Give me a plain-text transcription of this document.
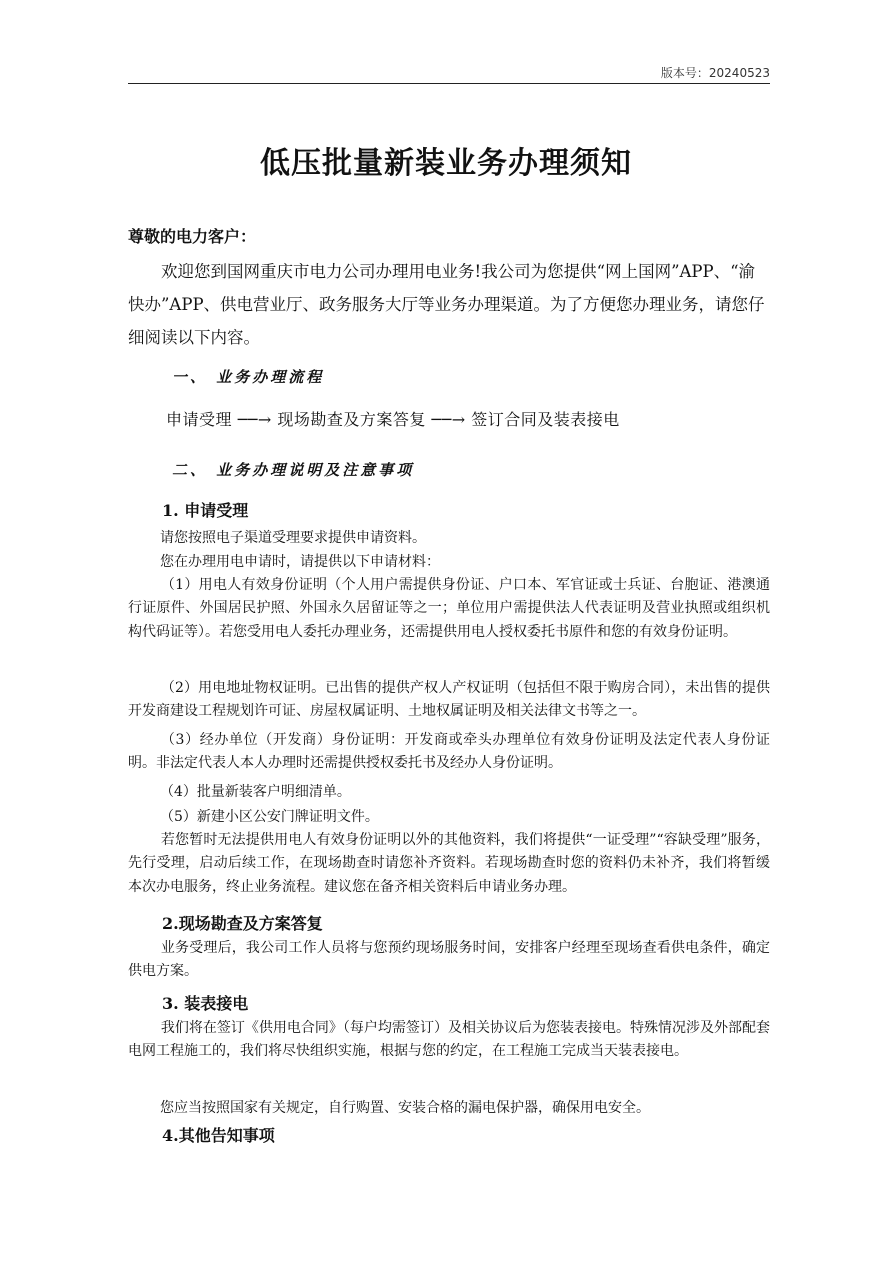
版本号：20240523
低压批量新装业务办理须知
尊敬的电力客户：

欢迎您到国网重庆市电力公司办理用电业务!我公司为您提供“网上国网”APP、“渝快办”APP、供电营业厅、政务服务大厅等业务办理渠道。为了方便您办理业务，请您仔细阅读以下内容。

一、 业务办理流程
申请受理 ──→ 现场勘查及方案答复 ──→ 签订合同及装表接电
二、 业务办理说明及注意事项
1. 申请受理

请您按照电子渠道受理要求提供申请资料。

您在办理用电申请时，请提供以下申请材料：

（1）用电人有效身份证明（个人用户需提供身份证、户口本、军官证或士兵证、台胞证、港澳通行证原件、外国居民护照、外国永久居留证等之一；单位用户需提供法人代表证明及营业执照或组织机构代码证等）。若您受用电人委托办理业务，还需提供用电人授权委托书原件和您的有效身份证明。

（2）用电地址物权证明。已出售的提供产权人产权证明（包括但不限于购房合同），未出售的提供开发商建设工程规划许可证、房屋权属证明、土地权属证明及相关法律文书等之一。

（3）经办单位（开发商）身份证明：开发商或牵头办理单位有效身份证明及法定代表人身份证明。非法定代表人本人办理时还需提供授权委托书及经办人身份证明。

（4）批量新装客户明细清单。

（5）新建小区公安门牌证明文件。

若您暂时无法提供用电人有效身份证明以外的其他资料，我们将提供“一证受理”“容缺受理”服务，先行受理，启动后续工作，在现场勘查时请您补齐资料。若现场勘查时您的资料仍未补齐，我们将暂缓本次办电服务，终止业务流程。建议您在备齐相关资料后申请业务办理。

2.现场勘查及方案答复

业务受理后，我公司工作人员将与您预约现场服务时间，安排客户经理至现场查看供电条件，确定供电方案。

3. 装表接电

我们将在签订《供用电合同》（每户均需签订）及相关协议后为您装表接电。特殊情况涉及外部配套电网工程施工的，我们将尽快组织实施，根据与您的约定，在工程施工完成当天装表接电。

您应当按照国家有关规定，自行购置、安装合格的漏电保护器，确保用电安全。

4.其他告知事项
